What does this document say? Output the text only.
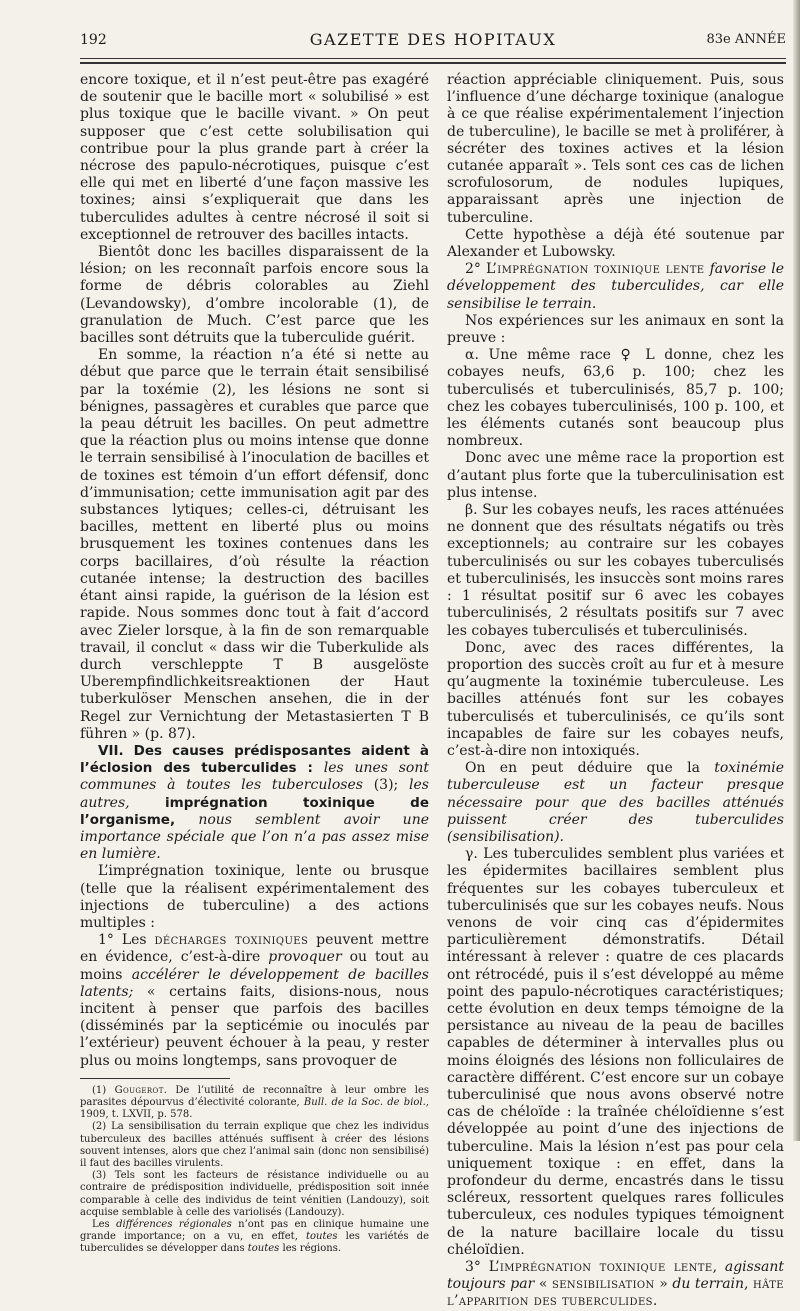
192	GAZETTE DES HOPITAUX	83e ANNÉE

encore toxique, et il n’est peut-être pas exagéré de soutenir que le bacille mort « solubilisé » est plus toxique que le bacille vivant. » On peut supposer que c’est cette solubilisation qui contribue pour la plus grande part à créer la nécrose des papulo-nécrotiques, puisque c’est elle qui met en liberté d’une façon massive les toxines; ainsi s’expliquerait que dans les tuberculides adultes à centre nécrosé il soit si exceptionnel de retrouver des bacilles intacts.

Bientôt donc les bacilles disparaissent de la lésion; on les reconnaît parfois encore sous la forme de débris colorables au Ziehl (Levandowsky), d’ombre incolorable (1), de granulation de Much. C’est parce que les bacilles sont détruits que la tuberculide guérit.

En somme, la réaction n’a été si nette au début que parce que le terrain était sensibilisé par la toxémie (2), les lésions ne sont si bénignes, passagères et curables que parce que la peau détruit les bacilles. On peut admettre que la réaction plus ou moins intense que donne le terrain sensibilisé à l’inoculation de bacilles et de toxines est témoin d’un effort défensif, donc d’immunisation; cette immunisation agit par des substances lytiques; celles-ci, détruisant les bacilles, mettent en liberté plus ou moins brusquement les toxines contenues dans les corps bacillaires, d’où résulte la réaction cutanée intense; la destruction des bacilles étant ainsi rapide, la guérison de la lésion est rapide. Nous sommes donc tout à fait d’accord avec Zieler lorsque, à la fin de son remarquable travail, il conclut « dass wir die Tuberkulide als durch verschleppte T B ausgelöste Uberempfindlichkeitsreaktionen der Haut tuberkulöser Menschen ansehen, die in der Regel zur Vernichtung der Metastasierten T B führen » (p. 87).

VII. Des causes prédisposantes aident à l’éclosion des tuberculides : les unes sont communes à toutes les tuberculoses (3); les autres, imprégnation toxinique de l’organisme, nous semblent avoir une importance spéciale que l’on n’a pas assez mise en lumière.

L’imprégnation toxinique, lente ou brusque (telle que la réalisent expérimentalement des injections de tuberculine) a des actions multiples :

1° Les décharges toxiniques peuvent mettre en évidence, c’est-à-dire provoquer ou tout au moins accélérer le développement de bacilles latents; « certains faits, disions-nous, nous incitent à penser que parfois des bacilles (disséminés par la septicémie ou inoculés par l’extérieur) peuvent échouer à la peau, y rester plus ou moins longtemps, sans provoquer de

(1) Gougerot. De l’utilité de reconnaître à leur ombre les parasites dépourvus d’électivité colorante, Bull. de la Soc. de biol., 1909, t. LXVII, p. 578.

(2) La sensibilisation du terrain explique que chez les individus tuberculeux des bacilles atténués suffisent à créer des lésions souvent intenses, alors que chez l’animal sain (donc non sensibilisé) il faut des bacilles virulents.

(3) Tels sont les facteurs de résistance individuelle ou au contraire de prédisposition individuelle, prédisposition soit innée comparable à celle des individus de teint vénitien (Landouzy), soit acquise semblable à celle des variolisés (Landouzy).

Les différences régionales n’ont pas en clinique humaine une grande importance; on a vu, en effet, toutes les variétés de tuberculides se développer dans toutes les régions.

réaction appréciable cliniquement. Puis, sous l’influence d’une décharge toxinique (analogue à ce que réalise expérimentalement l’injection de tuberculine), le bacille se met à proliférer, à sécréter des toxines actives et la lésion cutanée apparaît ». Tels sont ces cas de lichen scrofulosorum, de nodules lupiques, apparaissant après une injection de tuberculine.

Cette hypothèse a déjà été soutenue par Alexander et Lubowsky.

2° L’imprégnation toxinique lente favorise le développement des tuberculides, car elle sensibilise le terrain.

Nos expériences sur les animaux en sont la preuve :

α. Une même race ♀ L donne, chez les cobayes neufs, 63,6 p. 100; chez les tuberculisés et tuberculinisés, 85,7 p. 100; chez les cobayes tuberculinisés, 100 p. 100, et les éléments cutanés sont beaucoup plus nombreux.

Donc avec une même race la proportion est d’autant plus forte que la tuberculinisation est plus intense.

β. Sur les cobayes neufs, les races atténuées ne donnent que des résultats négatifs ou très exceptionnels; au contraire sur les cobayes tuberculinisés ou sur les cobayes tuberculisés et tuberculinisés, les insuccès sont moins rares : 1 résultat positif sur 6 avec les cobayes tuberculinisés, 2 résultats positifs sur 7 avec les cobayes tuberculisés et tuberculinisés.

Donc, avec des races différentes, la proportion des succès croît au fur et à mesure qu’augmente la toxinémie tuberculeuse. Les bacilles atténués font sur les cobayes tuberculisés et tuberculinisés, ce qu’ils sont incapables de faire sur les cobayes neufs, c’est-à-dire non intoxiqués.

On en peut déduire que la toxinémie tuberculeuse est un facteur presque nécessaire pour que des bacilles atténués puissent créer des tuberculides (sensibilisation).

γ. Les tuberculides semblent plus variées et les épidermites bacillaires semblent plus fréquentes sur les cobayes tuberculeux et tuberculinisés que sur les cobayes neufs. Nous venons de voir cinq cas d’épidermites particulièrement démonstratifs. Détail intéressant à relever : quatre de ces placards ont rétrocédé, puis il s’est développé au même point des papulo-nécrotiques caractéristiques; cette évolution en deux temps témoigne de la persistance au niveau de la peau de bacilles capables de déterminer à intervalles plus ou moins éloignés des lésions non folliculaires de caractère différent. C’est encore sur un cobaye tuberculinisé que nous avons observé notre cas de chéloïde : la traînée chéloïdienne s’est développée au point d’une des injections de tuberculine. Mais la lésion n’est pas pour cela uniquement toxique : en effet, dans la profondeur du derme, encastrés dans le tissu scléreux, ressortent quelques rares follicules tuberculeux, ces nodules typiques témoignent de la nature bacillaire locale du tissu chéloïdien.

3° L’imprégnation toxinique lente, agissant toujours par « sensibilisation » du terrain, hâte l’apparition des tuberculides.
